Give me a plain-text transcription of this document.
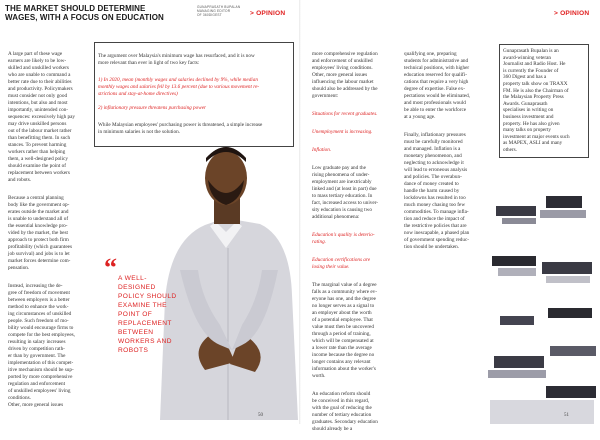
THE MARKET SHOULD DETERMINE
WAGES, WITH A FOCUS ON EDUCATION
GUNAPRASATH BUPALAN
MANAGING EDITOR
OF 360DIGEST	> OPINION

A large part of these wage
earners are likely to be low-
skilled and unskilled workers
who are unable to command a
better rate due to their abilities
and productivity. Policymakers
must consider not only good
intentions, but also and most
importantly, unintended con-
sequences: excessively high pay
may drive unskilled persons
out of the labour market rather
than benefitting them. In such
stances. To prevent harming
workers rather than helping
them, a well-designed policy
should examine the point of
replacement between workers
and robots.

Because a central planning
body like the government op-
erates outside the market and
is unable to understand all of
the essential knowledge pro-
vided by the market, the best
approach to protect both firm
profitability (which guarantees
job survival) and jobs is to let
market forces determine com-
pensation.

Instead, increasing the de-
gree of freedom of movement
between employers is a better
method to enhance the work-
ing circumstances of unskilled
people. Such freedom of mo-
bility would encourage firms to
compete for the best employees,
resulting in salary increases
driven by competition rath-
er than by government. The
implementation of this compet-
itive mechanism should be sup-
ported by more comprehensive
regulation and enforcement
of unskilled employees' living
conditions.
Other, more general issues

The argument over Malaysia's minimum wage has resurfaced, and it is now
more relevant than ever in light of two key facts:

1) In 2020, mean (monthly wages and salaries declined by 9%, while median
monthly wages and salaries fell by 13.6 percent (due to various movement re-
strictions and stay-at-home directives)

2) inflationary pressure threatens purchasing power

While Malaysian employees' purchasing power is threatened, a simple increase
in minimum salaries is not the solution.

“ A WELL-
DESIGNED
POLICY SHOULD
EXAMINE THE
POINT OF
REPLACEMENT
BETWEEN
WORKERS AND
ROBOTS
50
> OPINION

more comprehensive regulation
and enforcement of unskilled
employees' living conditions.
Other, more general issues
influencing the labour market
should also be addressed by the
government:

Situations for recent graduates.

Unemployment is increasing.

Inflation.

Low graduate pay and the
rising phenomena of under-
employment are inextricably
linked and (at least in part) due
to mass tertiary education. In
fact, increased access to univer-
sity education is causing two
additional phenomena:

Education's quality is deterio-
rating.

Education certifications are
losing their value.

The marginal value of a degree
falls as a community where ev-
eryone has one, and the degree
no longer serves as a signal to
an employer about the worth
of a potential employee. That
value must then be uncovered
through a period of training,
which will be compensated at
a lower rate than the average
income because the degree no
longer contains any relevant
information about the worker's
worth.

An education reform should
be conceived in this regard,
with the goal of reducing the
number of tertiary education
graduates. Secondary education
should already be a

qualifying one, preparing
students for administrative and
technical positions, with higher
education reserved for qualifi-
cations that require a very high
degree of expertise. False ex-
pectations would be eliminated,
and most professionals would
be able to enter the workforce
at a young age.

Finally, inflationary pressures
must be carefully monitored
and managed. Inflation is a
monetary phenomenon, and
neglecting to acknowledge it
will lead to erroneous analysis
and policies. The overabun-
dance of money created to
handle the harm caused by
lockdowns has resulted in too
much money chasing too few
commodities. To manage infla-
tion and reduce the impact of
the restrictive policies that are
now inescapable, a phased plan
of government spending reduc-
tion should be undertaken.

Gunaprasath Bupalan is an
award-winning veteran
Journalist and Radio Host. He
is currently the Founder of
360 Digest and has a
property talk show on TRAXX
FM. He is also the Chairman of
the Malaysian Property Press
Awards. Gunaprasath
specialises in writing on
business investment and
property. He has also given
many talks on property
investment at major events such
as MAPEX, ASLI and many
others.
51
